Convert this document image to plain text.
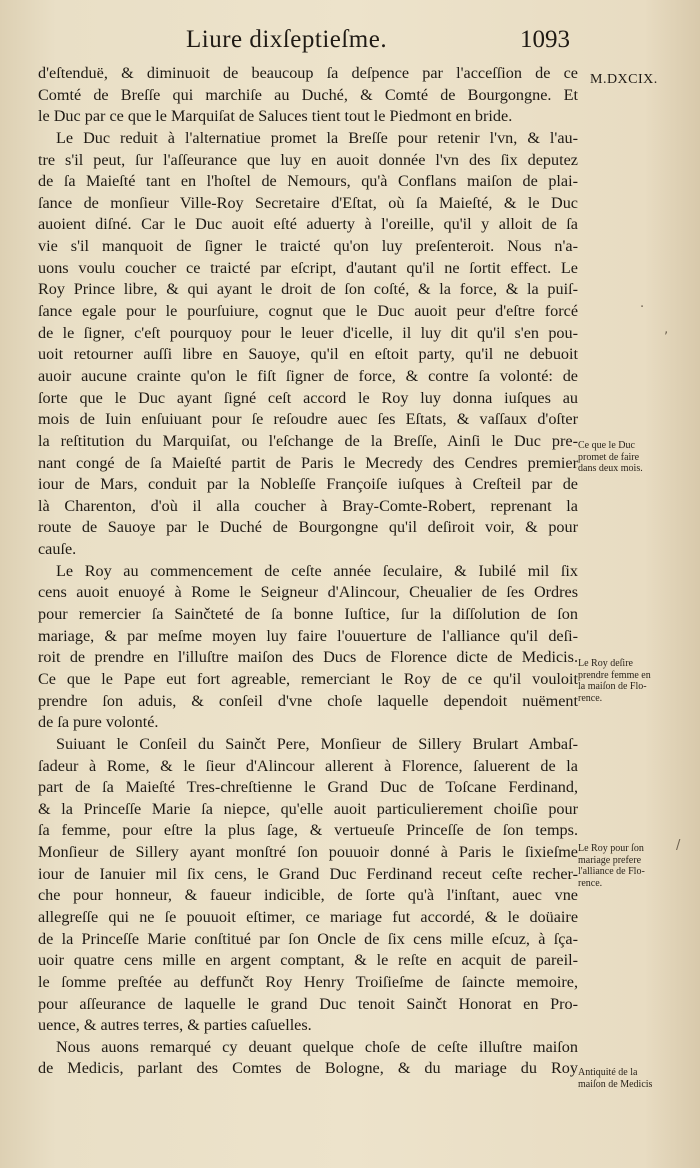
Liure dixſeptieſme.	1093
M.DXCIX.
d'eſtenduë, & diminuoit de beaucoup ſa deſpence par l'acceſſion de ce
Comté de Breſſe qui marchiſe au Duché, & Comté de Bourgongne. Et
le Duc par ce que le Marquiſat de Saluces tient tout le Piedmont en bride.
Le Duc reduit à l'alternatiue promet la Breſſe pour retenir l'vn, & l'au-
tre s'il peut, ſur l'aſſeurance que luy en auoit donnée l'vn des ſix deputez
de ſa Maieſté tant en l'hoſtel de Nemours, qu'à Conflans maiſon de plai-
ſance de monſieur Ville-Roy Secretaire d'Eſtat, où ſa Maieſté, & le Duc
auoient diſné. Car le Duc auoit eſté aduerty à l'oreille, qu'il y alloit de ſa
vie s'il manquoit de ſigner le traicté qu'on luy preſenteroit. Nous n'a-
uons voulu coucher ce traicté par eſcript, d'autant qu'il ne ſortit effect. Le
Roy Prince libre, & qui ayant le droit de ſon coſté, & la force, & la puiſ-
ſance egale pour le pourſuiure, cognut que le Duc auoit peur d'eſtre forcé
de le ſigner, c'eſt pourquoy pour le leuer d'icelle, il luy dit qu'il s'en pou-
uoit retourner auſſi libre en Sauoye, qu'il en eſtoit party, qu'il ne debuoit
auoir aucune crainte qu'on le fiſt ſigner de force, & contre ſa volonté: de
ſorte que le Duc ayant ſigné ceſt accord le Roy luy donna iuſques au
mois de Iuin enſuiuant pour ſe reſoudre auec ſes Eſtats, & vaſſaux d'oſter
la reſtitution du Marquiſat, ou l'eſchange de la Breſſe, Ainſi le Duc pre-
nant congé de ſa Maieſté partit de Paris le Mecredy des Cendres premier
iour de Mars, conduit par la Nobleſſe Françoiſe iuſques à Creſteil par de
là Charenton, d'où il alla coucher à Bray-Comte-Robert, reprenant la
route de Sauoye par le Duché de Bourgongne qu'il deſiroit voir, & pour
cauſe.
Le Roy au commencement de ceſte année ſeculaire, & Iubilé mil ſix
cens auoit enuoyé à Rome le Seigneur d'Alincour, Cheualier de ſes Ordres
pour remercier ſa Sainčteté de ſa bonne Iuſtice, ſur la diſſolution de ſon
mariage, & par meſme moyen luy faire l'ouuerture de l'alliance qu'il deſi-
roit de prendre en l'illuſtre maiſon des Ducs de Florence dicte de Medicis.
Ce que le Pape eut fort agreable, remerciant le Roy de ce qu'il vouloit
prendre ſon aduis, & conſeil d'vne choſe laquelle dependoit nuëment
de ſa pure volonté.
Suiuant le Conſeil du Sainčt Pere, Monſieur de Sillery Brulart Ambaſ-
ſadeur à Rome, & le ſieur d'Alincour allerent à Florence, ſaluerent de la
part de ſa Maieſté Tres-chreſtienne le Grand Duc de Toſcane Ferdinand,
& la Princeſſe Marie ſa niepce, qu'elle auoit particulierement choiſie pour
ſa femme, pour eſtre la plus ſage, & vertueuſe Princeſſe de ſon temps.
Monſieur de Sillery ayant monſtré ſon pouuoir donné à Paris le ſixieſme
iour de Ianuier mil ſix cens, le Grand Duc Ferdinand receut ceſte recher-
che pour honneur, & faueur indicible, de ſorte qu'à l'inſtant, auec vne
allegreſſe qui ne ſe pouuoit eſtimer, ce mariage fut accordé, & le doüaire
de la Princeſſe Marie conſtitué par ſon Oncle de ſix cens mille eſcuz, à ſça-
uoir quatre cens mille en argent comptant, & le reſte en acquit de pareil-
le ſomme preſtée au deffunčt Roy Henry Troiſieſme de ſaincte memoire,
pour aſſeurance de laquelle le grand Duc tenoit Sainčt Honorat en Pro-
uence, & autres terres, & parties caſuelles.
Nous auons remarqué cy deuant quelque choſe de ceſte illuſtre maiſon
de Medicis, parlant des Comtes de Bologne, & du mariage du Roy
Ce que le Duc
promet de faire
dans deux mois.
Le Roy deſire
prendre femme en
la maiſon de Flo-
rence.
Le Roy pour ſon
mariage prefere
l'alliance de Flo-
rence.
Antiquité de la
maiſon de Medicis
·
ʼ
/
